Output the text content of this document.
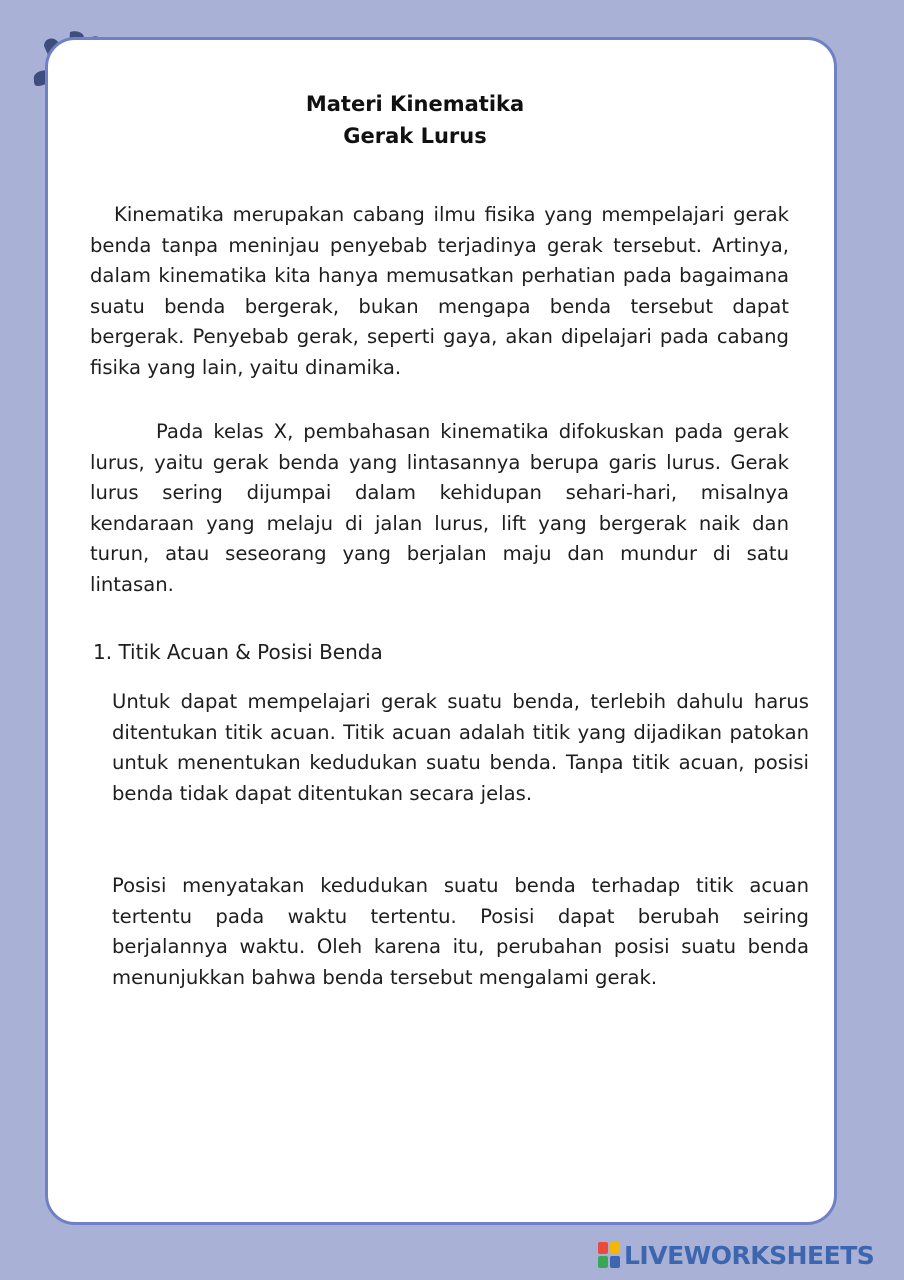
Materi Kinematika
Gerak Lurus

Kinematika merupakan cabang ilmu fisika yang mempelajari gerak benda tanpa meninjau penyebab terjadinya gerak tersebut. Artinya, dalam kinematika kita hanya memusatkan perhatian pada bagaimana suatu benda bergerak, bukan mengapa benda tersebut dapat bergerak. Penyebab gerak, seperti gaya, akan dipelajari pada cabang fisika yang lain, yaitu dinamika.

Pada kelas X, pembahasan kinematika difokuskan pada gerak lurus, yaitu gerak benda yang lintasannya berupa garis lurus. Gerak lurus sering dijumpai dalam kehidupan sehari-hari, misalnya kendaraan yang melaju di jalan lurus, lift yang bergerak naik dan turun, atau seseorang yang berjalan maju dan mundur di satu lintasan.

1. Titik Acuan & Posisi Benda

Untuk dapat mempelajari gerak suatu benda, terlebih dahulu harus ditentukan titik acuan. Titik acuan adalah titik yang dijadikan patokan untuk menentukan kedudukan suatu benda. Tanpa titik acuan, posisi benda tidak dapat ditentukan secara jelas.

Posisi menyatakan kedudukan suatu benda terhadap titik acuan tertentu pada waktu tertentu. Posisi dapat berubah seiring berjalannya waktu. Oleh karena itu, perubahan posisi suatu benda menunjukkan bahwa benda tersebut mengalami gerak.

LIVEWORKSHEETS
